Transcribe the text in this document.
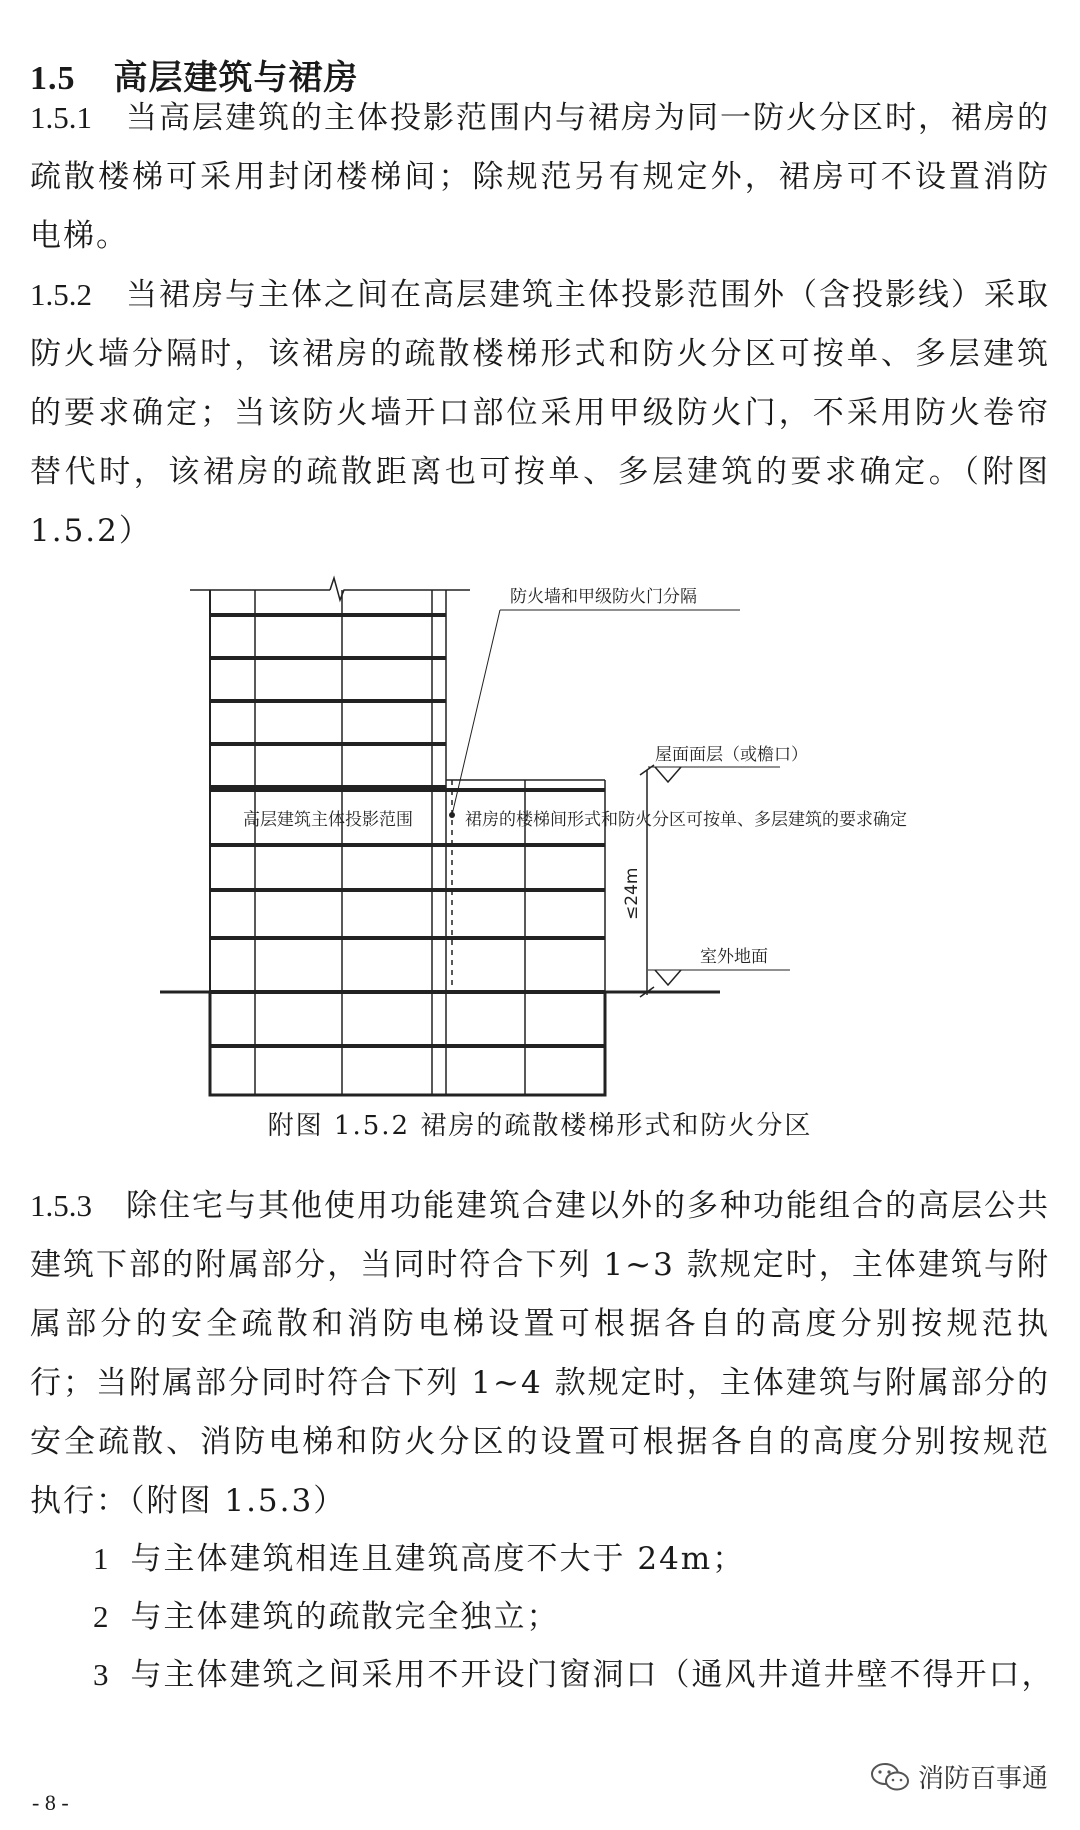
1.5 高层建筑与裙房
1.5.1 当高层建筑的主体投影范围内与裙房为同一防火分区时，裙房的疏散楼梯可采用封闭楼梯间；除规范另有规定外，裙房可不设置消防电梯。
1.5.2 当裙房与主体之间在高层建筑主体投影范围外（含投影线）采取防火墙分隔时，该裙房的疏散楼梯形式和防火分区可按单、多层建筑的要求确定；当该防火墙开口部位采用甲级防火门，不采用防火卷帘替代时，该裙房的疏散距离也可按单、多层建筑的要求确定。（附图 1.5.2）
防火墙和甲级防火门分隔
屋面面层（或檐口）
高层建筑主体投影范围	裙房的楼梯间形式和防火分区可按单、多层建筑的要求确定
≤24m
室外地面
附图 1.5.2 裙房的疏散楼梯形式和防火分区
1.5.3 除住宅与其他使用功能建筑合建以外的多种功能组合的高层公共建筑下部的附属部分，当同时符合下列 1~3 款规定时，主体建筑与附属部分的安全疏散和消防电梯设置可根据各自的高度分别按规范执行；当附属部分同时符合下列 1~4 款规定时，主体建筑与附属部分的安全疏散、消防电梯和防火分区的设置可根据各自的高度分别按规范执行：（附图 1.5.3）
1 与主体建筑相连且建筑高度不大于 24m；
2 与主体建筑的疏散完全独立；
3 与主体建筑之间采用不开设门窗洞口（通风井道井壁不得开口，
消防百事通
- 8 -
